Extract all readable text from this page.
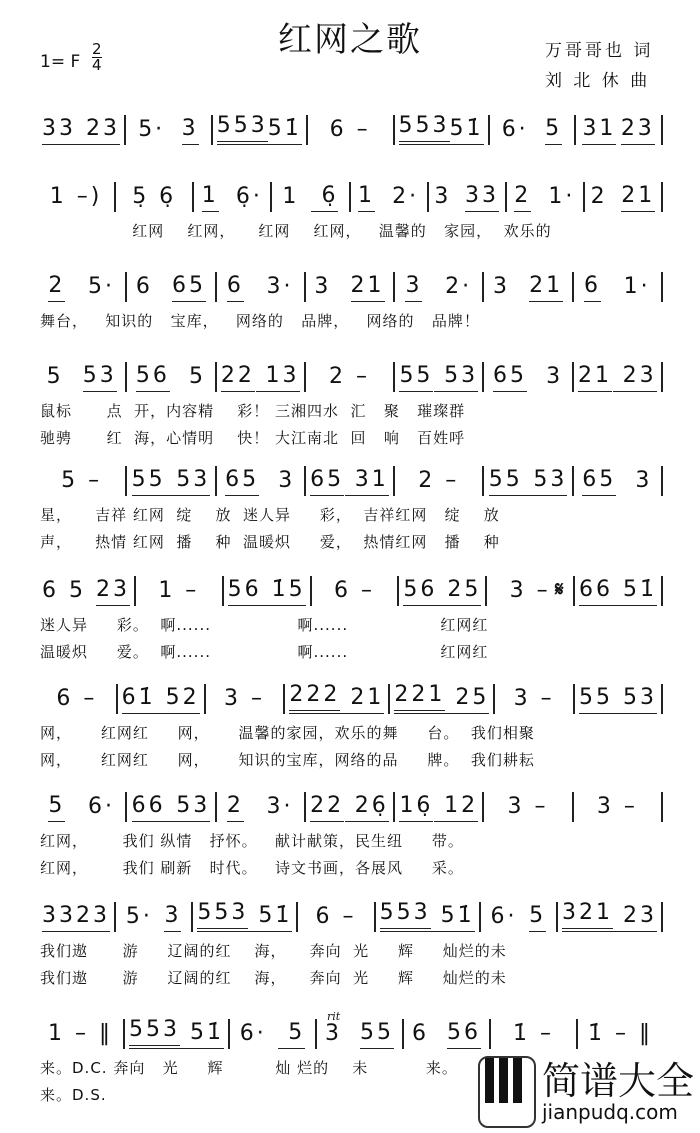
红网之歌
1= F
2
4
万哥哥也 词
刘 北 休 曲
rit
𝄋
33 23 5· 3 553 51̇ 6 – 553 51̇ 6· 5 31 23
1 –) 5̣ 6̣ 1 6̣· 1 6̣ 1 2· 3 33 2 1· 2 21
红网    红网，    红网    红网，   温馨的   家园，  欢乐的
2 5· 6 65 6 3· 3 21 3 2· 3 21 6 1·
舞台，   知识的   宝库，   网络的   品牌，   网络的   品牌！
5 53 56 5 22 13 2 – 55 53 65 3 21 23
鼠标      点  开，内容精    彩！ 三湘四水  汇   聚   璀璨群
驰骋      红  海，心情明    快！ 大江南北  回   响   百姓呼
5 – 55 53 65 3 65 31 2 – 55 53 65 3
星，    吉祥 红网  绽    放  迷人异     彩，  吉祥红网   绽    放
声，    热情 红网  播    种  温暖炽     爱，  热情红网   播    种
6 5 23 1 – 56 1̇5 6 – 56 25 3 – 66 51̇
迷人异     彩。  啊......               啊......                红网红
温暖炽     爱。  啊......               啊......                红网红
6 – 61̇ 52 3 – 222 21 221 25 3 – 55 53
网，     红网红     网，     温馨的家园，欢乐的舞     台。  我们相聚
网，     红网红     网，     知识的宝库，网络的品     牌。  我们耕耘
5 6· 66 53 2 3· 22 26̣ 16̣ 12 3 – 3 –
红网，      我们 纵情   抒怀。   献计献策，民生纽     带。
红网，      我们 刷新   时代。   诗文书画，各展风     采。
33 23 5· 3 553 51̇ 6 – 553 51̇ 6· 5 321 23
我们遨      游     辽阔的红    海，    奔向  光     辉     灿烂的未
我们遨      游     辽阔的红    海，    奔向  光     辉     灿烂的未
1 – ‖ 553 51̇ 6· 5 3 55 6 56 1̇ – 1̇ – ‖
来。D.C. 奔向   光     辉         灿 烂的    未          来。
来。D.S.	简谱大全
jianpudq.com
